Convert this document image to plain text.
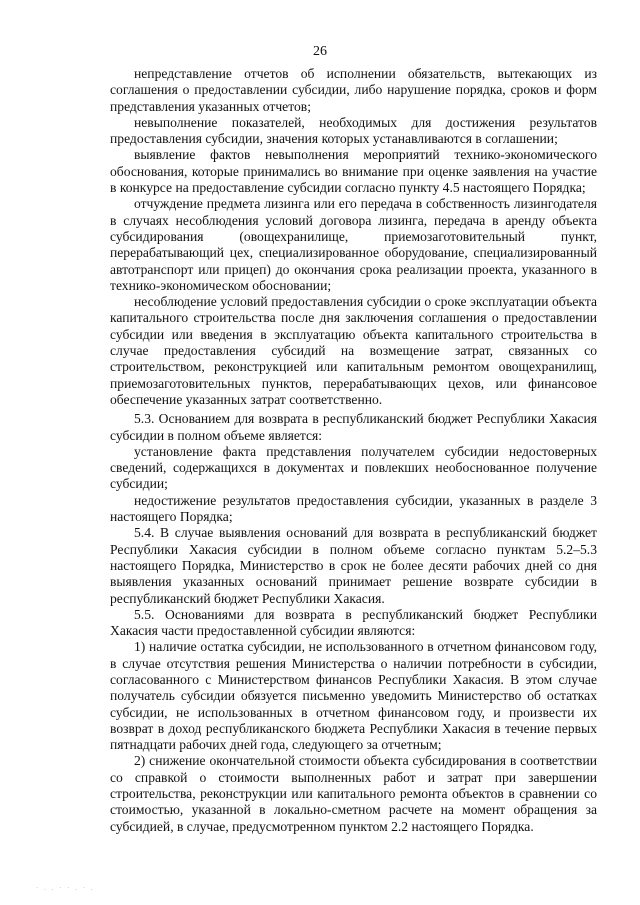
26

непредставление отчетов об исполнении обязательств, вытекающих из соглашения о предоставлении субсидии, либо нарушение порядка, сроков и форм представления указанных отчетов;

невыполнение показателей, необходимых для достижения результатов предоставления субсидии, значения которых устанавливаются в соглашении;

выявление фактов невыполнения мероприятий технико-экономического обоснования, которые принимались во внимание при оценке заявления на участие в конкурсе на предоставление субсидии согласно пункту 4.5 настоящего Порядка;

отчуждение предмета лизинга или его передача в собственность лизингодателя в случаях несоблюдения условий договора лизинга, передача в аренду объекта субсидирования (овощехранилище, приемозаготовительный пункт, перерабатывающий цех, специализированное оборудование, специализированный автотранспорт или прицеп) до окончания срока реализации проекта, указанного в технико-экономическом обосновании;

несоблюдение условий предоставления субсидии о сроке эксплуатации объекта капитального строительства после дня заключения соглашения о предоставлении субсидии или введения в эксплуатацию объекта капитального строительства в случае предоставления субсидий на возмещение затрат, связанных со строительством, реконструкцией или капитальным ремонтом овощехранилищ, приемозаготовительных пунктов, перерабатывающих цехов, или финансовое обеспечение указанных затрат соответственно.

5.3. Основанием для возврата в республиканский бюджет Республики Хакасия субсидии в полном объеме является:

установление факта представления получателем субсидии недостоверных сведений, содержащихся в документах и повлекших необоснованное получение субсидии;

недостижение результатов предоставления субсидии, указанных в разделе 3 настоящего Порядка;

5.4. В случае выявления оснований для возврата в республиканский бюджет Республики Хакасия субсидии в полном объеме согласно пунктам 5.2–5.3 настоящего Порядка, Министерство в срок не более десяти рабочих дней со дня выявления указанных оснований принимает решение возврате субсидии в республиканский бюджет Республики Хакасия.

5.5. Основаниями для возврата в республиканский бюджет Республики Хакасия части предоставленной субсидии являются:

1) наличие остатка субсидии, не использованного в отчетном финансовом году, в случае отсутствия решения Министерства о наличии потребности в субсидии, согласованного с Министерством финансов Республики Хакасия. В этом случае получатель субсидии обязуется письменно уведомить Министерство об остатках субсидии, не использованных в отчетном финансовом году, и произвести их возврат в доход республиканского бюджета Республики Хакасия в течение первых пятнадцати рабочих дней года, следующего за отчетным;

2) снижение окончательной стоимости объекта субсидирования в соответствии со справкой о стоимости выполненных работ и затрат при завершении строительства, реконструкции или капитального ремонта объектов в сравнении со стоимостью, указанной в локально-сметном расчете на момент обращения за субсидией, в случае, предусмотренном пунктом 2.2 настоящего Порядка.

· . . · · . · .
